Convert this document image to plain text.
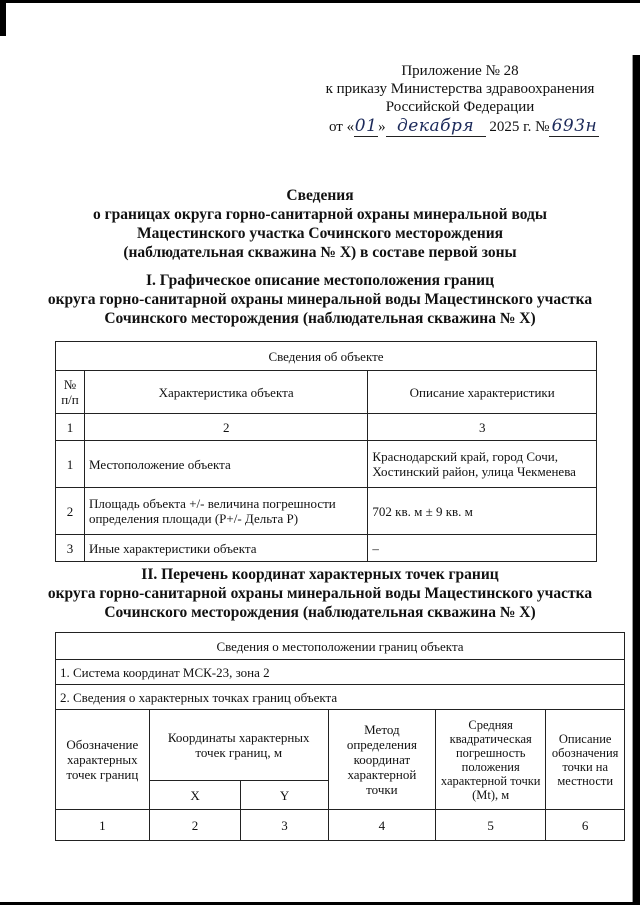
Приложение № 28
к приказу Министерства здравоохранения
Российской Федерации
от «01» декабря 2025 г. № 693н
Сведения
о границах округа горно-санитарной охраны минеральной воды
Мацестинского участка Сочинского месторождения
(наблюдательная скважина № X) в составе первой зоны
I. Графическое описание местоположения границ
округа горно-санитарной охраны минеральной воды Мацестинского участка
Сочинского месторождения (наблюдательная скважина № X)
Сведения об объекте		
№ п/п	Характеристика объекта	Описание характеристики
1	2	3
1	Местоположение объекта	Краснодарский край, город Сочи, Хостинский район, улица Чекменева
2	Площадь объекта +/- величина погрешности определения площади (P+/- Дельта P)	702 кв. м ± 9 кв. м
3	Иные характеристики объекта	–
II. Перечень координат характерных точек границ
округа горно-санитарной охраны минеральной воды Мацестинского участка
Сочинского месторождения (наблюдательная скважина № X)
Сведения о местоположении границ объекта					
1. Система координат МСК-23, зона 2					
2. Сведения о характерных точках границ объекта					
Обозначение характерных точек границ	Координаты характерных точек границ, м		Метод определения координат характерной точки	Средняя квадратическая погрешность положения характерной точки (Mt), м	Описание обозначения точки на местности
	X	Y			
1	2	3	4	5	6
